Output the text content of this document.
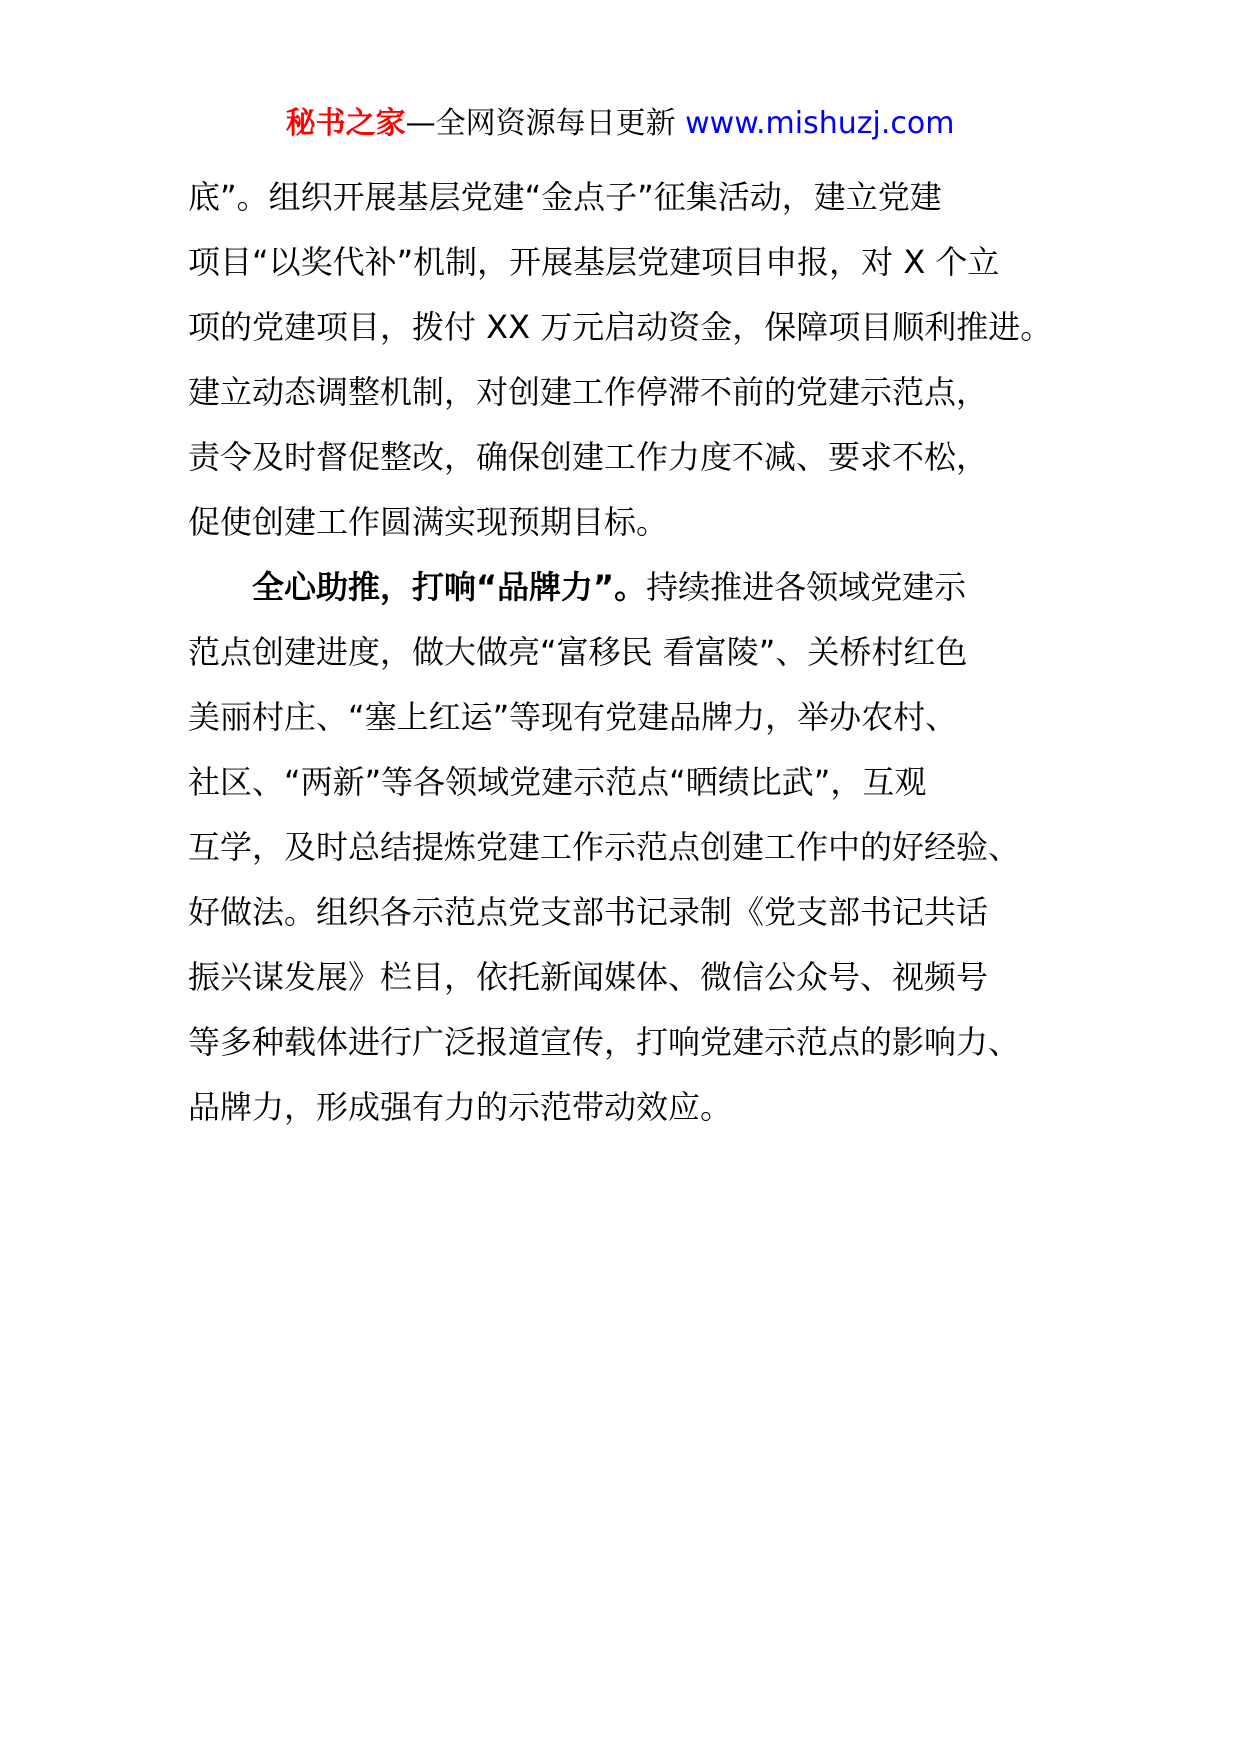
秘书之家—全网资源每日更新 www.mishuzj.com
底”。组织开展基层党建“金点子”征集活动，建立党建
项目“以奖代补”机制，开展基层党建项目申报，对 X 个立
项的党建项目，拨付 XX 万元启动资金，保障项目顺利推进。
建立动态调整机制，对创建工作停滞不前的党建示范点，
责令及时督促整改，确保创建工作力度不减、要求不松，
促使创建工作圆满实现预期目标。
全心助推，打响“品牌力”。持续推进各领域党建示
范点创建进度，做大做亮“富移民 看富陵”、关桥村红色
美丽村庄、“塞上红运”等现有党建品牌力，举办农村、
社区、“两新”等各领域党建示范点“晒绩比武”，互观
互学，及时总结提炼党建工作示范点创建工作中的好经验、
好做法。组织各示范点党支部书记录制《党支部书记共话
振兴谋发展》栏目，依托新闻媒体、微信公众号、视频号
等多种载体进行广泛报道宣传，打响党建示范点的影响力、
品牌力，形成强有力的示范带动效应。
